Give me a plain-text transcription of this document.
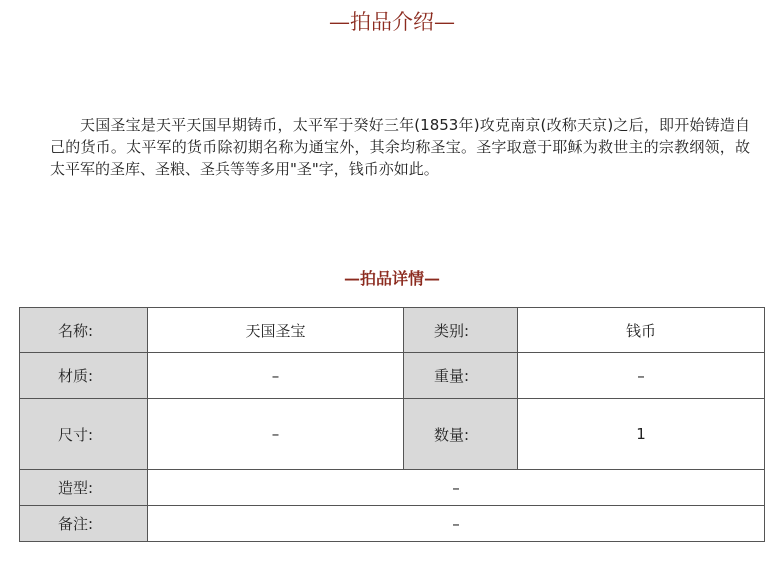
—拍品介绍—

天国圣宝是天平天国早期铸币，太平军于癸好三年(1853年)攻克南京(改称天京)之后，即开始铸造自己的货币。太平军的货币除初期名称为通宝外，其余均称圣宝。圣字取意于耶稣为救世主的宗教纲领，故太平军的圣库、圣粮、圣兵等等多用"圣"字，钱币亦如此。

—拍品详情—
名称:	天国圣宝	类别:	钱币
材质:	–	重量:	–
尺寸:	–	数量:	1
造型:	–		
备注:	–		
